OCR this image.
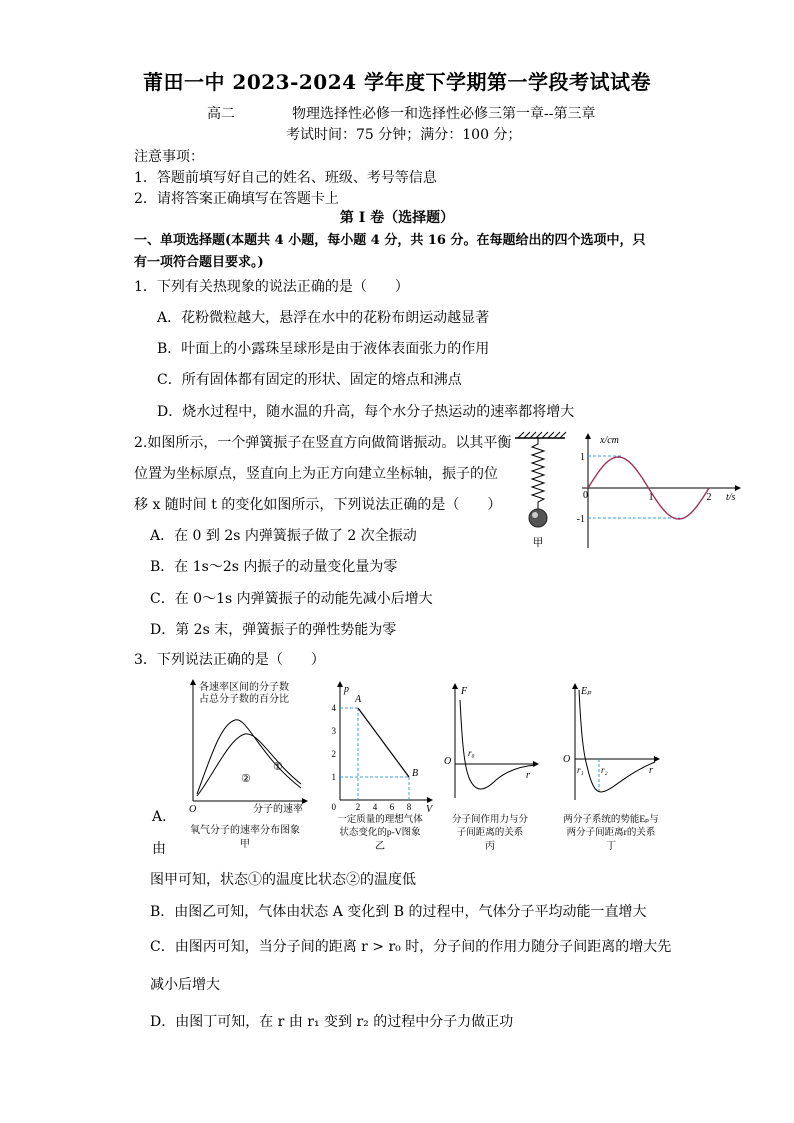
莆田一中 2023-2024 学年度下学期第一学段考试试卷
高二	物理选择性必修一和选择性必修三第一章--第三章
考试时间：75 分钟；满分：100 分；
注意事项：
1．答题前填写好自己的姓名、班级、考号等信息
2．请将答案正确填写在答题卡上
第 I 卷（选择题）
一、单项选择题(本题共 4 小题，每小题 4 分，共 16 分。在每题给出的四个选项中，只
有一项符合题目要求。)
1．下列有关热现象的说法正确的是（　　）
A．花粉微粒越大，悬浮在水中的花粉布朗运动越显著
B．叶面上的小露珠呈球形是由于液体表面张力的作用
C．所有固体都有固定的形状、固定的熔点和沸点
D．烧水过程中，随水温的升高，每个水分子热运动的速率都将增大
2.如图所示，一个弹簧振子在竖直方向做简谐振动。以其平衡
位置为坐标原点，竖直向上为正方向建立坐标轴，振子的位
移 x 随时间 t 的变化如图所示，下列说法正确的是（　　）
A．在 0 到 2s 内弹簧振子做了 2 次全振动
B．在 1s～2s 内振子的动量变化量为零
C．在 0～1s 内弹簧振子的动能先减小后增大
D．第 2s 末，弹簧振子的弹性势能为零
甲
x/cm
t/s
0
1
-1
1	2
3．下列说法正确的是（　　）
各速率区间的分子数
占总分子数的百分比
O	分子的速率
①
②
氧气分子的速率分布图象
甲
p
V
0
4
3
2
1
2 4 6 8
A
B
一定质量的理想气体
状态变化的p-V图象
乙
F
r
O
r₀
分子间作用力与分
子间距离的关系
丙
Eₚ
r
O
r₁ r₂
两分子系统的势能Eₚ与
两分子间距离r的关系
丁
A．
由
图甲可知，状态①的温度比状态②的温度低
B．由图乙可知，气体由状态 A 变化到 B 的过程中，气体分子平均动能一直增大
C．由图丙可知，当分子间的距离 r > r₀ 时，分子间的作用力随分子间距离的增大先
减小后增大
D．由图丁可知，在 r 由 r₁ 变到 r₂ 的过程中分子力做正功
